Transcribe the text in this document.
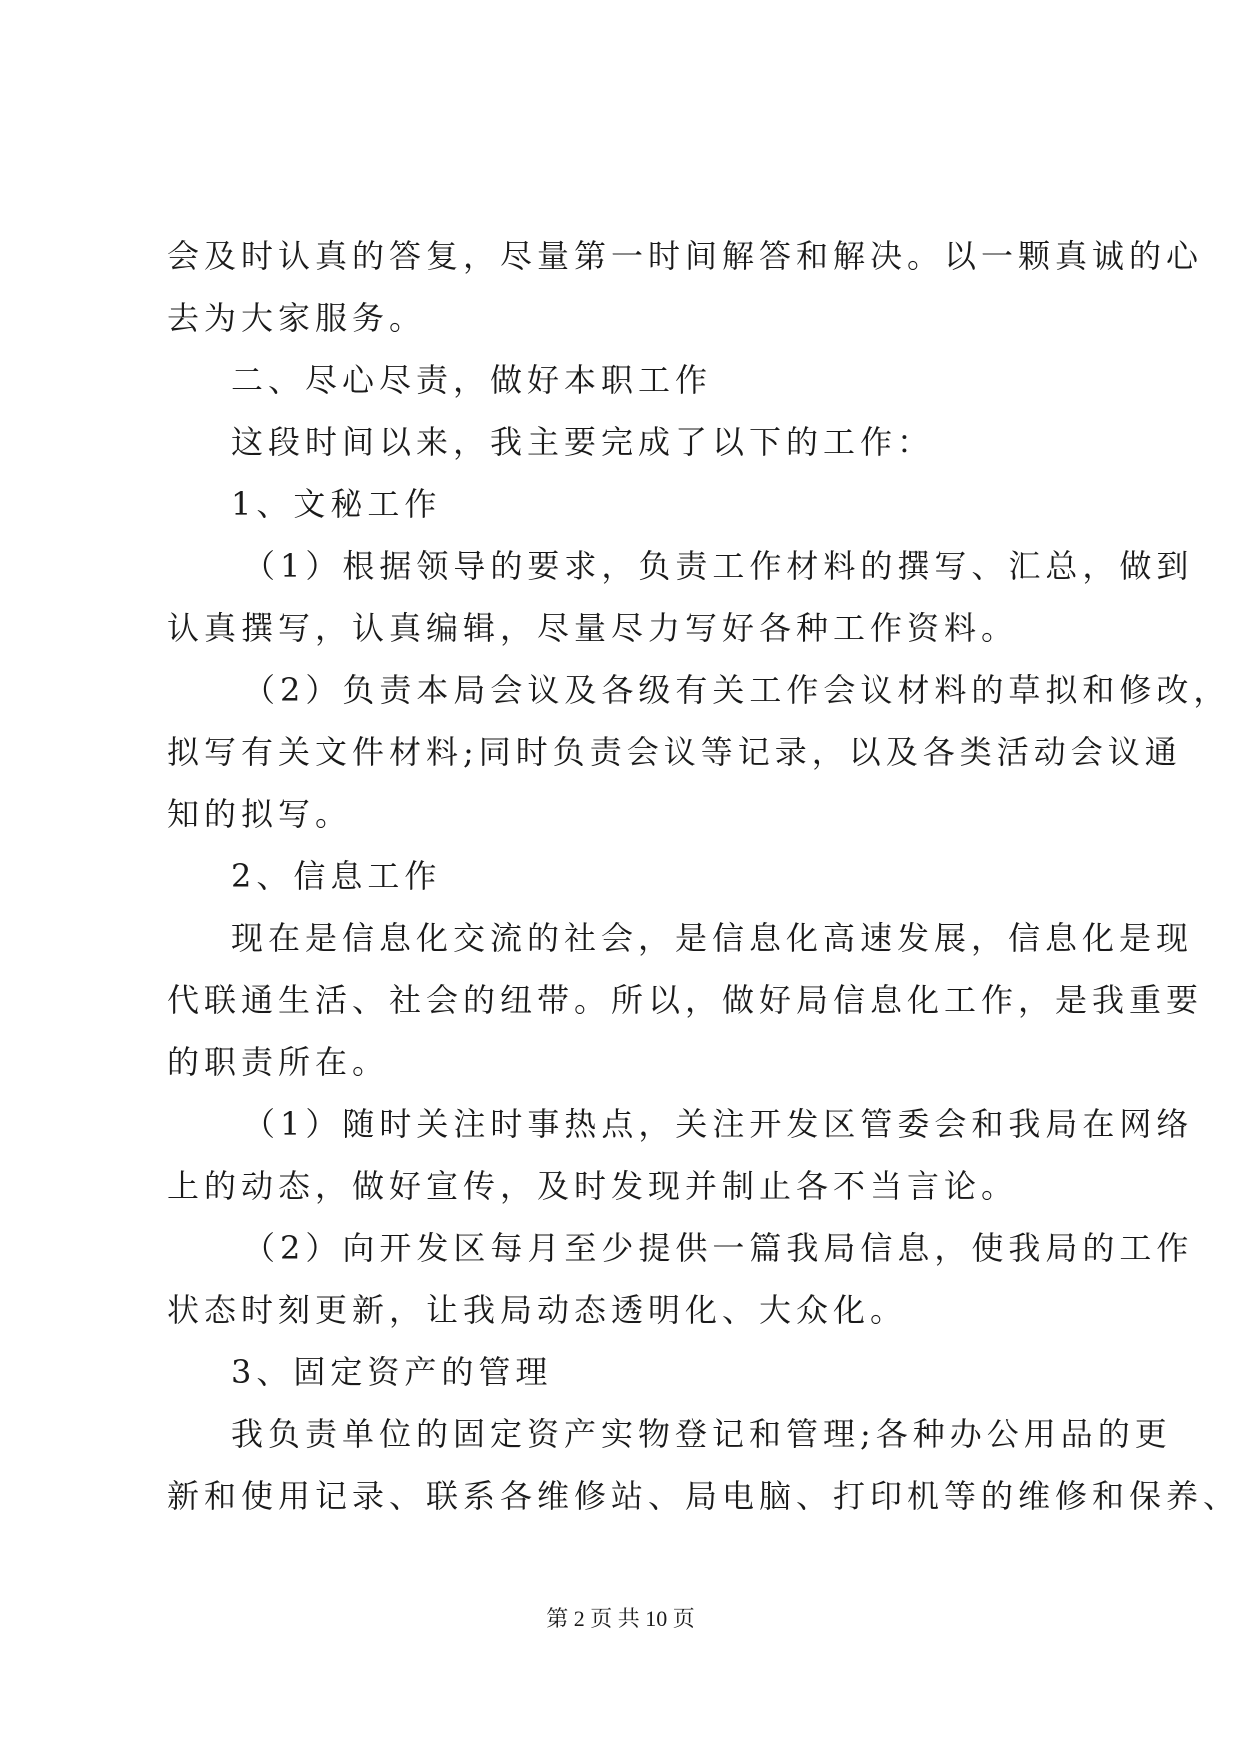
会及时认真的答复，尽量第一时间解答和解决。以一颗真诚的心
去为大家服务。
二、尽心尽责，做好本职工作
这段时间以来，我主要完成了以下的工作：
1、文秘工作
（1）根据领导的要求，负责工作材料的撰写、汇总，做到
认真撰写，认真编辑，尽量尽力写好各种工作资料。
（2）负责本局会议及各级有关工作会议材料的草拟和修改，
拟写有关文件材料;同时负责会议等记录，以及各类活动会议通
知的拟写。
2、信息工作
现在是信息化交流的社会，是信息化高速发展，信息化是现
代联通生活、社会的纽带。所以，做好局信息化工作，是我重要
的职责所在。
（1）随时关注时事热点，关注开发区管委会和我局在网络
上的动态，做好宣传，及时发现并制止各不当言论。
（2）向开发区每月至少提供一篇我局信息，使我局的工作
状态时刻更新，让我局动态透明化、大众化。
3、固定资产的管理
我负责单位的固定资产实物登记和管理;各种办公用品的更
新和使用记录、联系各维修站、局电脑、打印机等的维修和保养、
第 2 页 共 10 页
